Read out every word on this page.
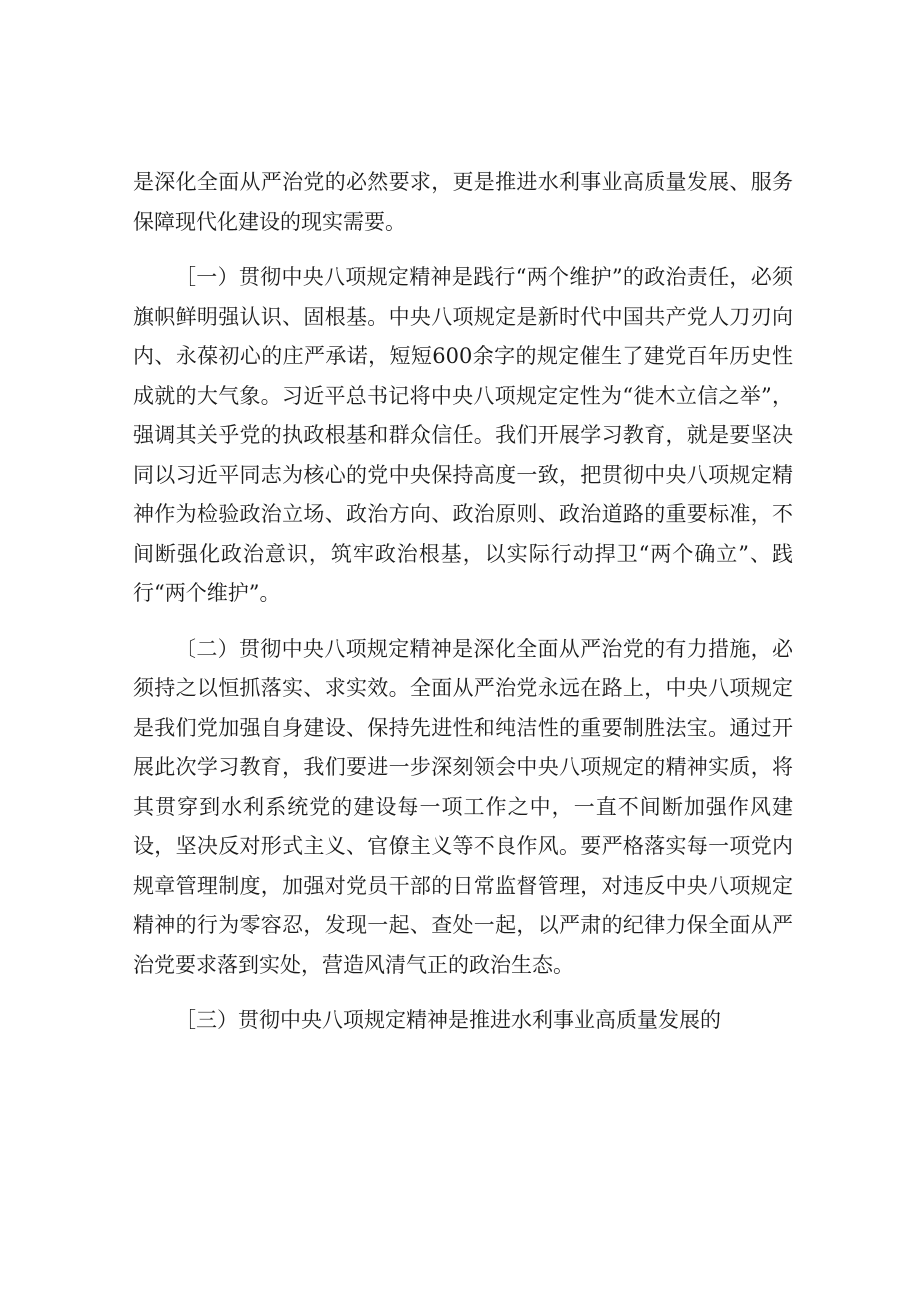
是深化全面从严治党的必然要求，更是推进水利事业高质量发展、服务保障现代化建设的现实需要。

［一）贯彻中央八项规定精神是践行“两个维护”的政治责任，必须旗帜鲜明强认识、固根基。中央八项规定是新时代中国共产党人刀刃向内、永葆初心的庄严承诺，短短600余字的规定催生了建党百年历史性成就的大气象。习近平总书记将中央八项规定定性为“徙木立信之举”，强调其关乎党的执政根基和群众信任。我们开展学习教育，就是要坚决同以习近平同志为核心的党中央保持高度一致，把贯彻中央八项规定精神作为检验政治立场、政治方向、政治原则、政治道路的重要标准，不间断强化政治意识，筑牢政治根基，以实际行动捍卫“两个确立”、践行“两个维护”。

〔二）贯彻中央八项规定精神是深化全面从严治党的有力措施，必须持之以恒抓落实、求实效。全面从严治党永远在路上，中央八项规定是我们党加强自身建设、保持先进性和纯洁性的重要制胜法宝。通过开展此次学习教育，我们要进一步深刻领会中央八项规定的精神实质，将其贯穿到水利系统党的建设每一项工作之中，一直不间断加强作风建设，坚决反对形式主义、官僚主义等不良作风。要严格落实每一项党内规章管理制度，加强对党员干部的日常监督管理，对违反中央八项规定精神的行为零容忍，发现一起、查处一起，以严肃的纪律力保全面从严治党要求落到实处，营造风清气正的政治生态。

［三）贯彻中央八项规定精神是推进水利事业高质量发展的
